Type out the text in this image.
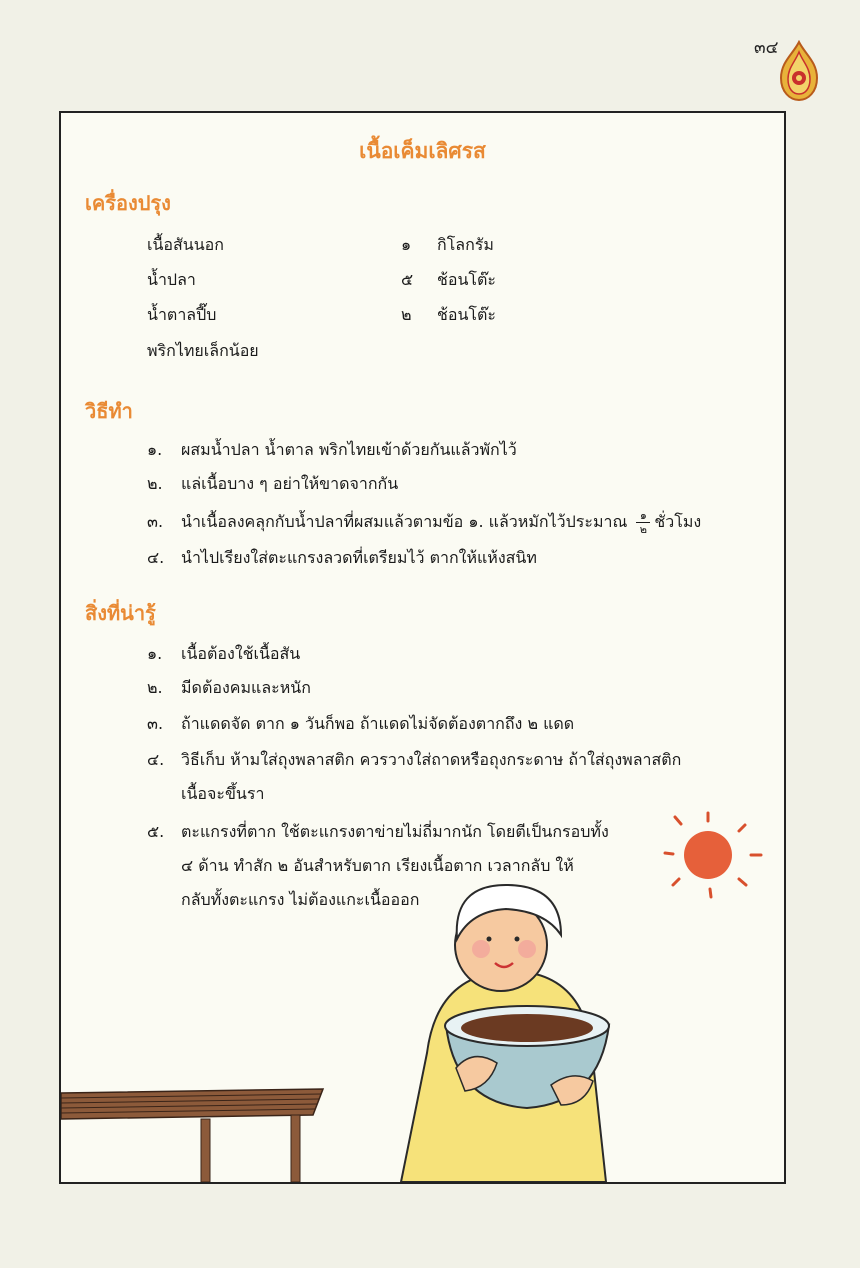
๓๔
เนื้อเค็มเลิศรส
เครื่องปรุง
เนื้อสันนอก	๑ กิโลกรัม
น้ำปลา	๕ ช้อนโต๊ะ
น้ำตาลปี๊บ	๒ ช้อนโต๊ะ
พริกไทยเล็กน้อย
วิธีทำ
๑. ผสมน้ำปลา น้ำตาล พริกไทยเข้าด้วยกันแล้วพักไว้
๒. แล่เนื้อบาง ๆ อย่าให้ขาดจากกัน
๓. นำเนื้อลงคลุกกับน้ำปลาที่ผสมแล้วตามข้อ ๑. แล้วหมักไว้ประมาณ $\frac{๑}{๒}$ ชั่วโมง
๔. นำไปเรียงใส่ตะแกรงลวดที่เตรียมไว้ ตากให้แห้งสนิท
สิ่งที่น่ารู้
๑. เนื้อต้องใช้เนื้อสัน
๒. มีดต้องคมและหนัก
๓. ถ้าแดดจัด ตาก ๑ วันก็พอ ถ้าแดดไม่จัดต้องตากถึง ๒ แดด
๔. วิธีเก็บ ห้ามใส่ถุงพลาสติก ควรวางใส่ถาดหรือถุงกระดาษ ถ้าใส่ถุงพลาสติก
เนื้อจะขึ้นรา
๕. ตะแกรงที่ตาก ใช้ตะแกรงตาข่ายไม่ถี่มากนัก โดยตีเป็นกรอบทั้ง
๔ ด้าน ทำสัก ๒ อันสำหรับตาก เรียงเนื้อตาก เวลากลับ ให้
กลับทั้งตะแกรง ไม่ต้องแกะเนื้อออก
